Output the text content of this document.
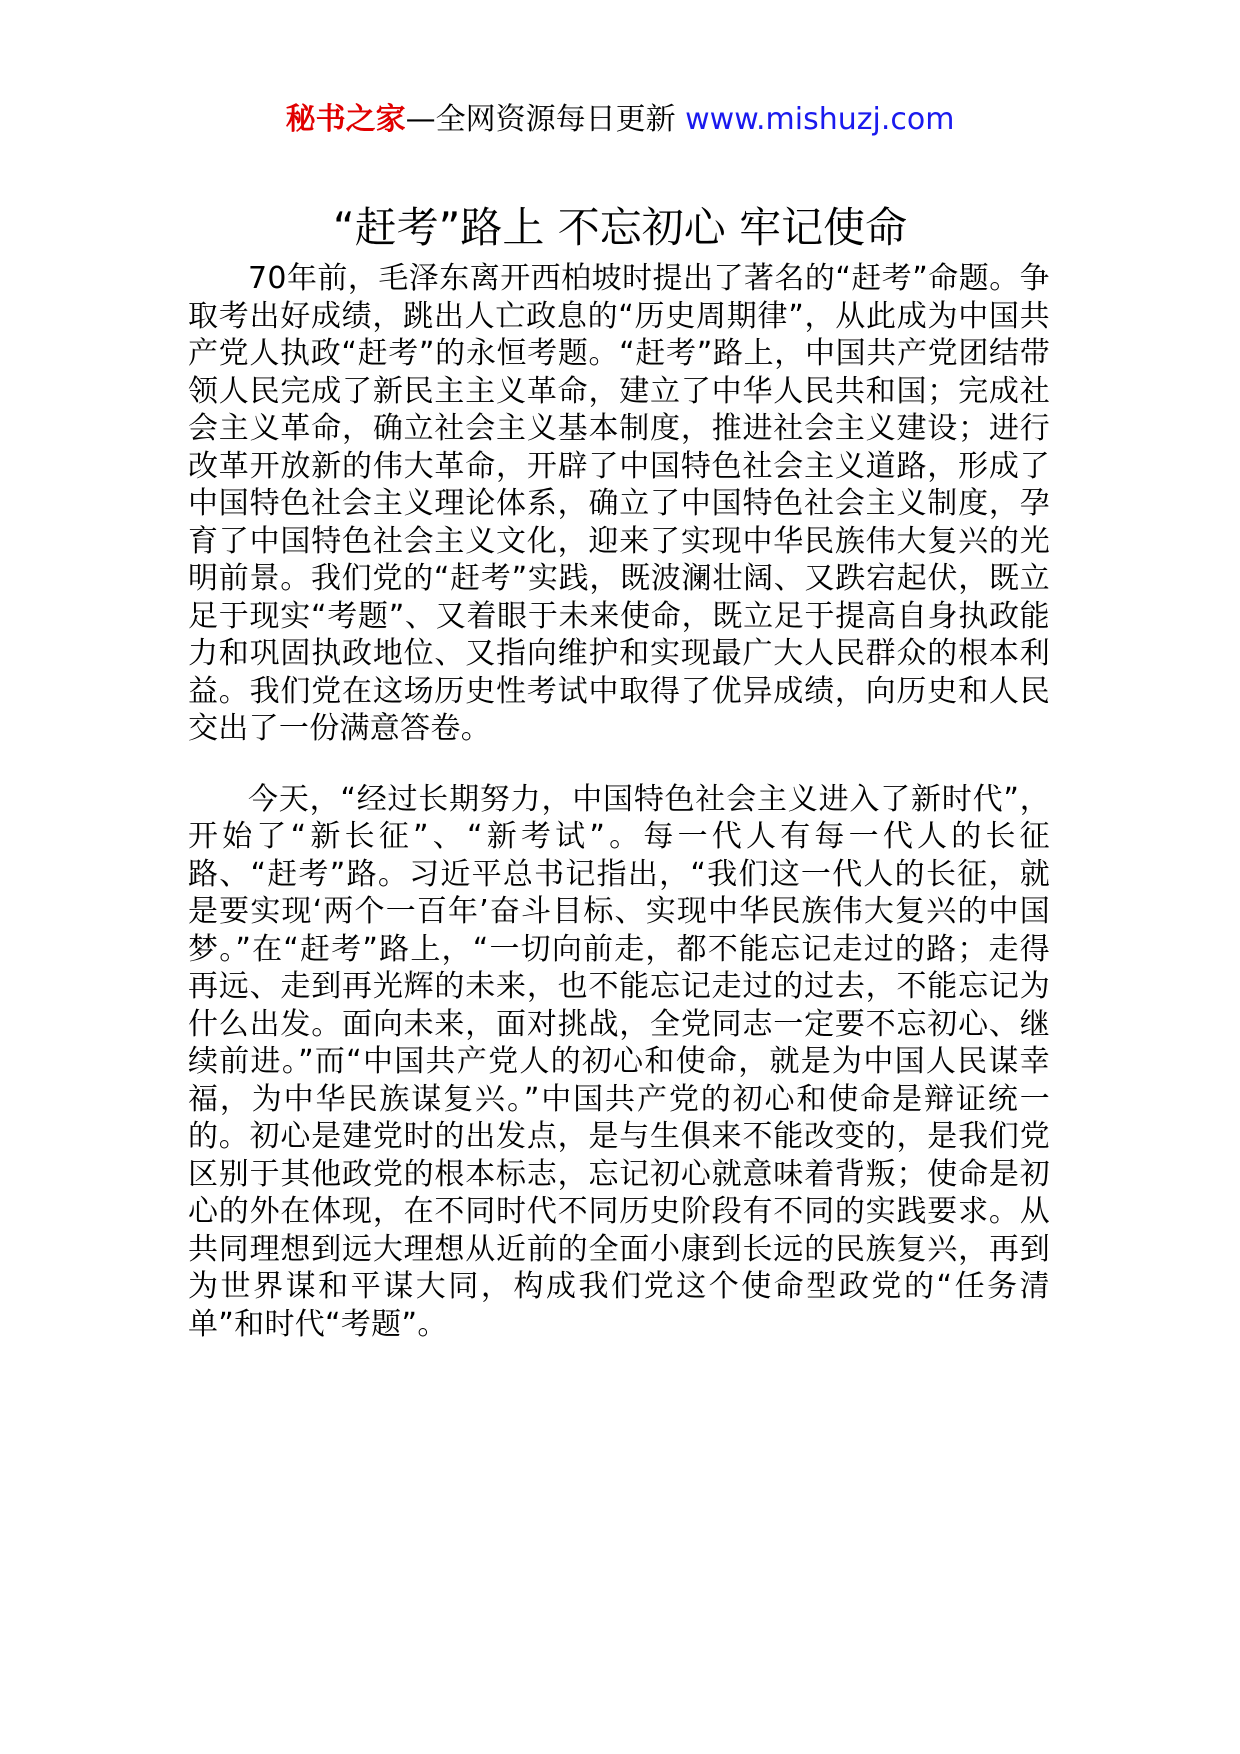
秘书之家—全网资源每日更新 www.mishuzj.com
“赶考”路上 不忘初心 牢记使命

70年前，毛泽东离开西柏坡时提出了著名的“赶考”命题。争取考出好成绩，跳出人亡政息的“历史周期律”，从此成为中国共产党人执政“赶考”的永恒考题。“赶考”路上，中国共产党团结带领人民完成了新民主主义革命，建立了中华人民共和国；完成社会主义革命，确立社会主义基本制度，推进社会主义建设；进行改革开放新的伟大革命，开辟了中国特色社会主义道路，形成了中国特色社会主义理论体系，确立了中国特色社会主义制度，孕育了中国特色社会主义文化，迎来了实现中华民族伟大复兴的光明前景。我们党的“赶考”实践，既波澜壮阔、又跌宕起伏，既立足于现实“考题”、又着眼于未来使命，既立足于提高自身执政能力和巩固执政地位、又指向维护和实现最广大人民群众的根本利益。我们党在这场历史性考试中取得了优异成绩，向历史和人民交出了一份满意答卷。

今天，“经过长期努力，中国特色社会主义进入了新时代”，开始了“新长征”、“新考试”。每一代人有每一代人的长征路、“赶考”路。习近平总书记指出，“我们这一代人的长征，就是要实现‘两个一百年’奋斗目标、实现中华民族伟大复兴的中国梦。”在“赶考”路上，“一切向前走，都不能忘记走过的路；走得再远、走到再光辉的未来，也不能忘记走过的过去，不能忘记为什么出发。面向未来，面对挑战，全党同志一定要不忘初心、继续前进。”而“中国共产党人的初心和使命，就是为中国人民谋幸福，为中华民族谋复兴。”中国共产党的初心和使命是辩证统一的。初心是建党时的出发点，是与生俱来不能改变的，是我们党区别于其他政党的根本标志，忘记初心就意味着背叛；使命是初心的外在体现，在不同时代不同历史阶段有不同的实践要求。从共同理想到远大理想从近前的全面小康到长远的民族复兴，再到为世界谋和平谋大同，构成我们党这个使命型政党的“任务清单”和时代“考题”。
